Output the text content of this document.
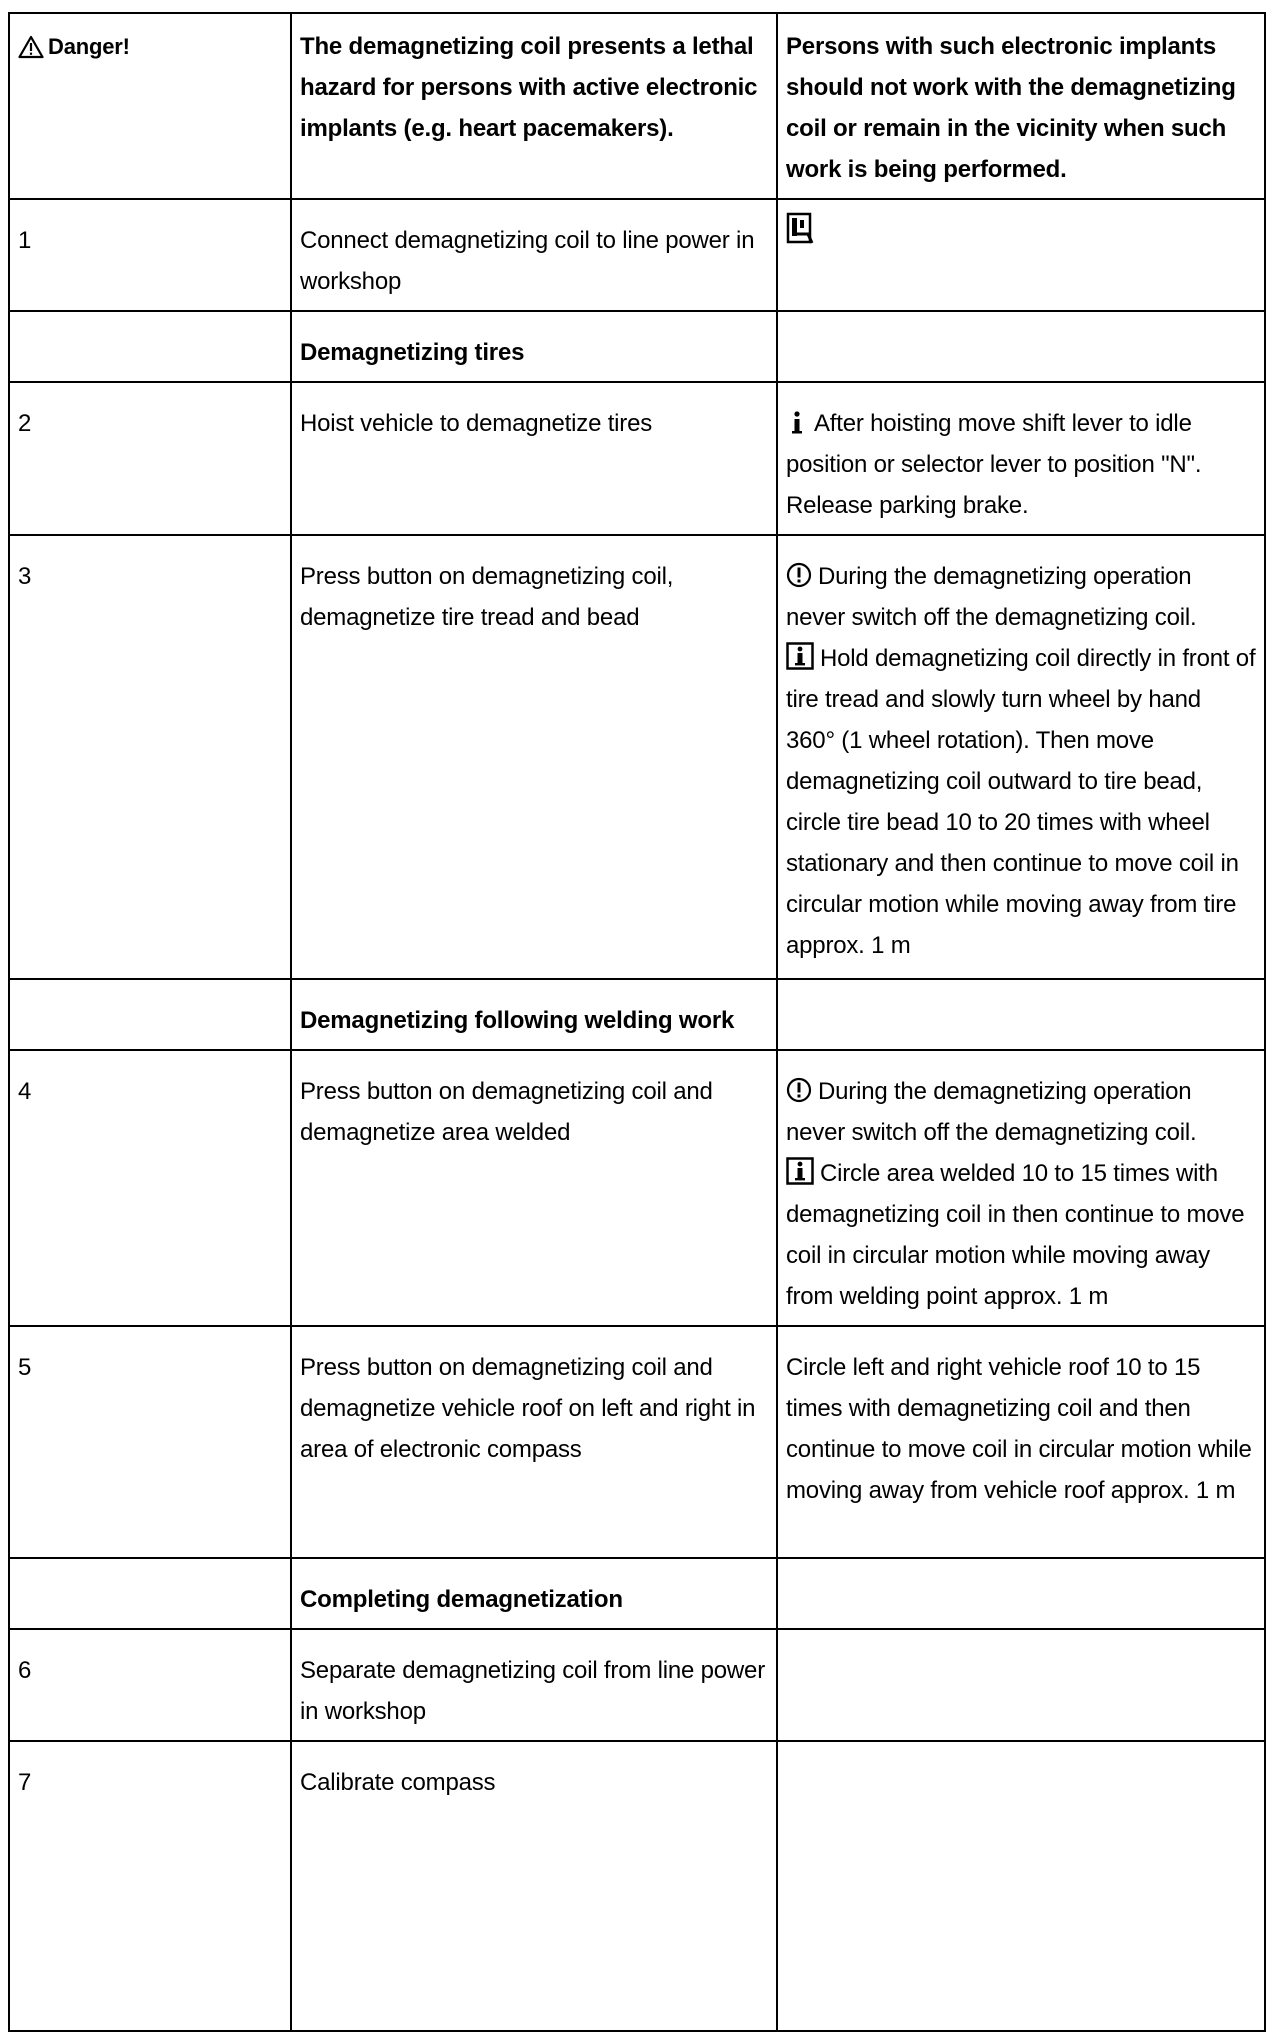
Danger!	The demagnetizing coil presents a lethal hazard for persons with active electronic implants (e.g. heart pacemakers).	Persons with such electronic implants should not work with the demagnetizing coil or remain in the vicinity when such work is being performed.
1	Connect demagnetizing coil to line power in workshop	
	Demagnetizing tires	
2	Hoist vehicle to demagnetize tires	After hoisting move shift lever to idle position or selector lever to position "N". Release parking brake.
3	Press button on demagnetizing coil, demagnetize tire tread and bead	During the demagnetizing operation never switch off the demagnetizing coil.
Hold demagnetizing coil directly in front of tire tread and slowly turn wheel by hand 360° (1 wheel rotation). Then move demagnetizing coil outward to tire bead, circle tire bead 10 to 20 times with wheel stationary and then continue to move coil in circular motion while moving away from tire approx. 1 m

	Demagnetizing following welding work	
4	Press button on demagnetizing coil and demagnetize area welded	During the demagnetizing operation never switch off the demagnetizing coil.
Circle area welded 10 to 15 times with demagnetizing coil in then continue to move coil in circular motion while moving away from welding point approx. 1 m

5	Press button on demagnetizing coil and demagnetize vehicle roof on left and right in area of electronic compass	Circle left and right vehicle roof 10 to 15 times with demagnetizing coil and then continue to move coil in circular motion while moving away from vehicle roof approx. 1 m
	Completing demagnetization	
6	Separate demagnetizing coil from line power in workshop	
7	Calibrate compass	
